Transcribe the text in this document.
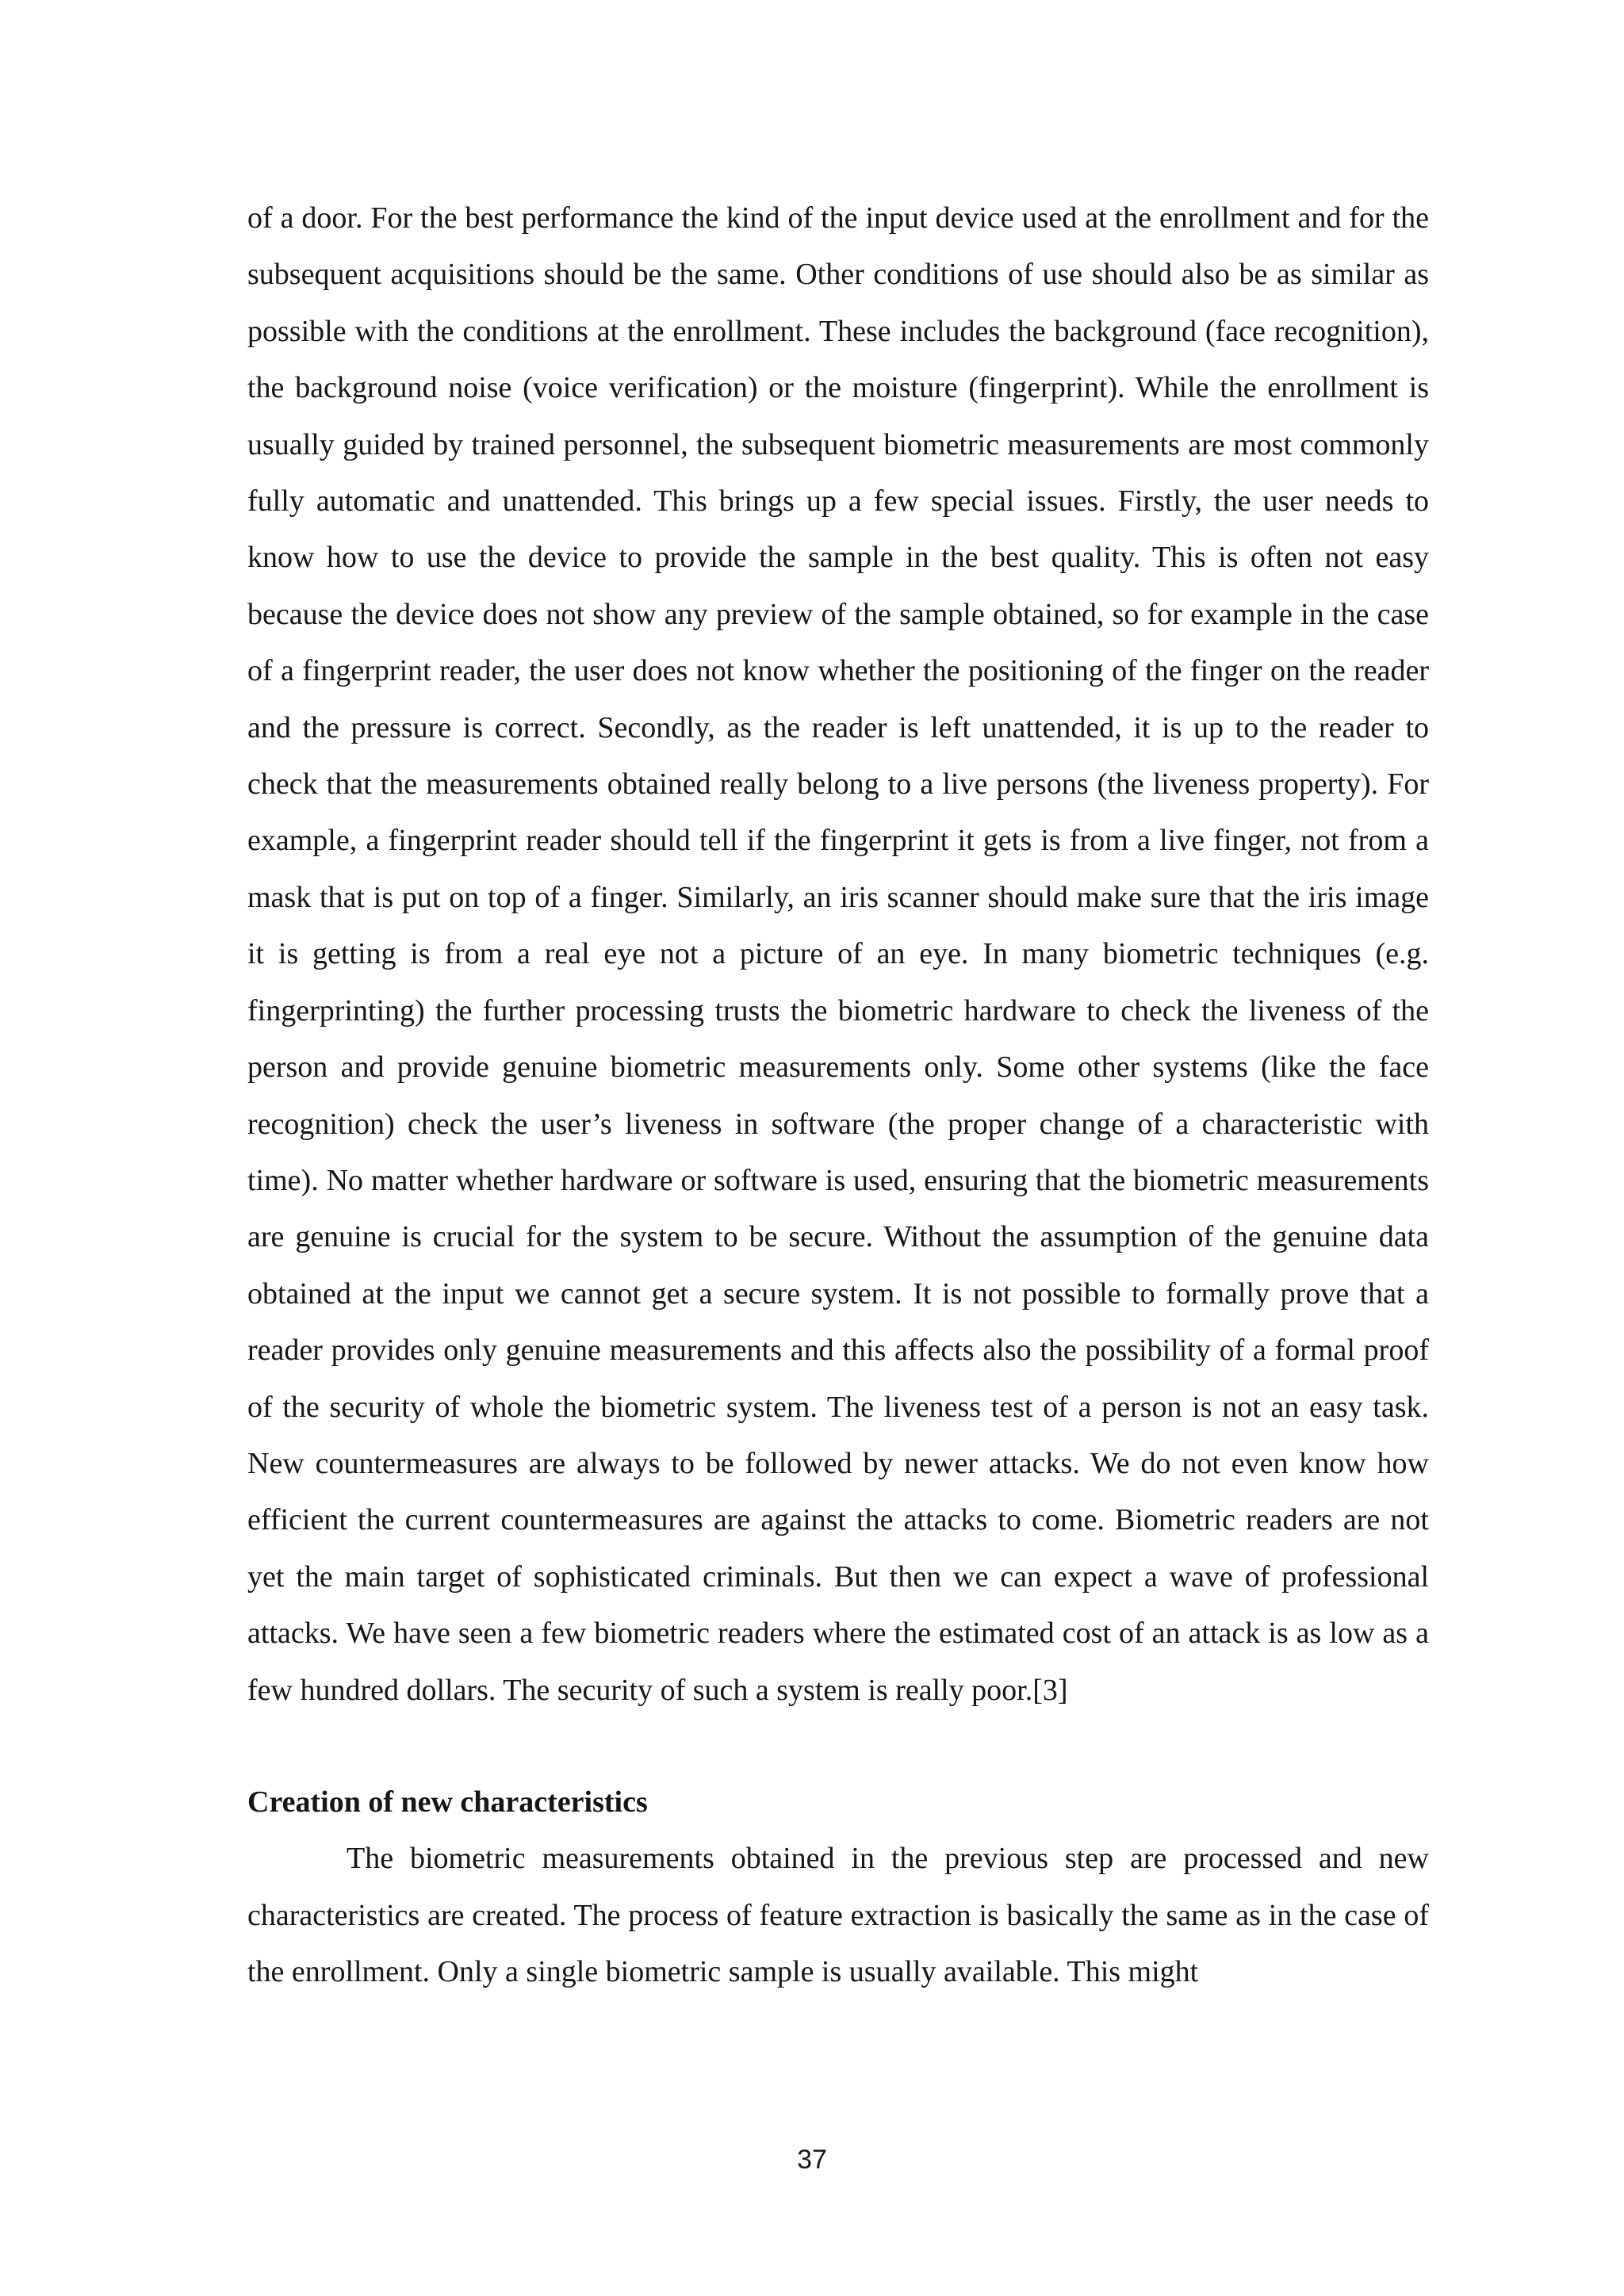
of a door. For the best performance the kind of the input device used at the enrollment and for the subsequent acquisitions should be the same. Other conditions of use should also be as similar as possible with the conditions at the enrollment. These includes the background (face recognition), the background noise (voice verification) or the moisture (fingerprint). While the enrollment is usually guided by trained personnel, the subsequent biometric measurements are most commonly fully automatic and unattended. This brings up a few special issues. Firstly, the user needs to know how to use the device to provide the sample in the best quality. This is often not easy because the device does not show any preview of the sample obtained, so for example in the case of a fingerprint reader, the user does not know whether the positioning of the finger on the reader and the pressure is correct. Secondly, as the reader is left unattended, it is up to the reader to check that the measurements obtained really belong to a live persons (the liveness property). For example, a fingerprint reader should tell if the fingerprint it gets is from a live finger, not from a mask that is put on top of a finger. Similarly, an iris scanner should make sure that the iris image it is getting is from a real eye not a picture of an eye. In many biometric techniques (e.g. fingerprinting) the further processing trusts the biometric hardware to check the liveness of the person and provide genuine biometric measurements only. Some other systems (like the face recognition) check the user’s liveness in software (the proper change of a characteristic with time). No matter whether hardware or software is used, ensuring that the biometric measurements are genuine is crucial for the system to be secure. Without the assumption of the genuine data obtained at the input we cannot get a secure system. It is not possible to formally prove that a reader provides only genuine measurements and this affects also the possibility of a formal proof of the security of whole the biometric system. The liveness test of a person is not an easy task. New countermeasures are always to be followed by newer attacks. We do not even know how efficient the current countermeasures are against the attacks to come. Biometric readers are not yet the main target of sophisticated criminals. But then we can expect a wave of professional attacks. We have seen a few biometric readers where the estimated cost of an attack is as low as a few hundred dollars. The security of such a system is really poor.[3]

Creation of new characteristics

The biometric measurements obtained in the previous step are processed and new characteristics are created. The process of feature extraction is basically the same as in the case of the enrollment. Only a single biometric sample is usually available. This might

37
